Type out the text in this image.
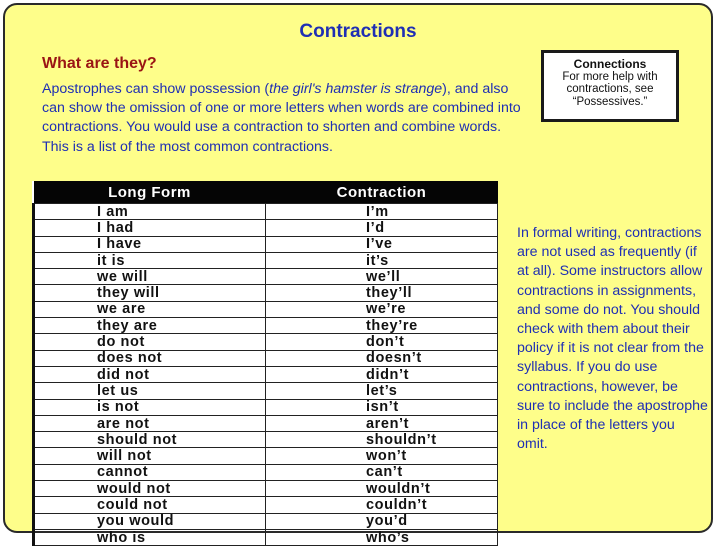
Contractions
What are they?
Apostrophes can show possession (the girl's hamster is strange), and also can show the omission of one or more letters when words are combined into contractions. You would use a contraction to shorten and combine words. This is a list of the most common contractions.
Connections
For more help with contractions, see “Possessives.”
Long Form	Contraction
I am	I’m
I had	I’d
I have	I’ve
it is	it’s
we will	we’ll
they will	they’ll
we are	we’re
they are	they’re
do not	don’t
does not	doesn’t
did not	didn’t
let us	let’s
is not	isn’t
are not	aren’t
should not	shouldn’t
will not	won’t
cannot	can’t
would not	wouldn’t
could not	couldn’t
you would	you’d
who is	who’s
In formal writing, contractions are not used as frequently (if at all). Some instructors allow contractions in assignments, and some do not. You should check with them about their policy if it is not clear from the syllabus. If you do use contractions, however, be sure to include the apostrophe in place of the letters you omit.
